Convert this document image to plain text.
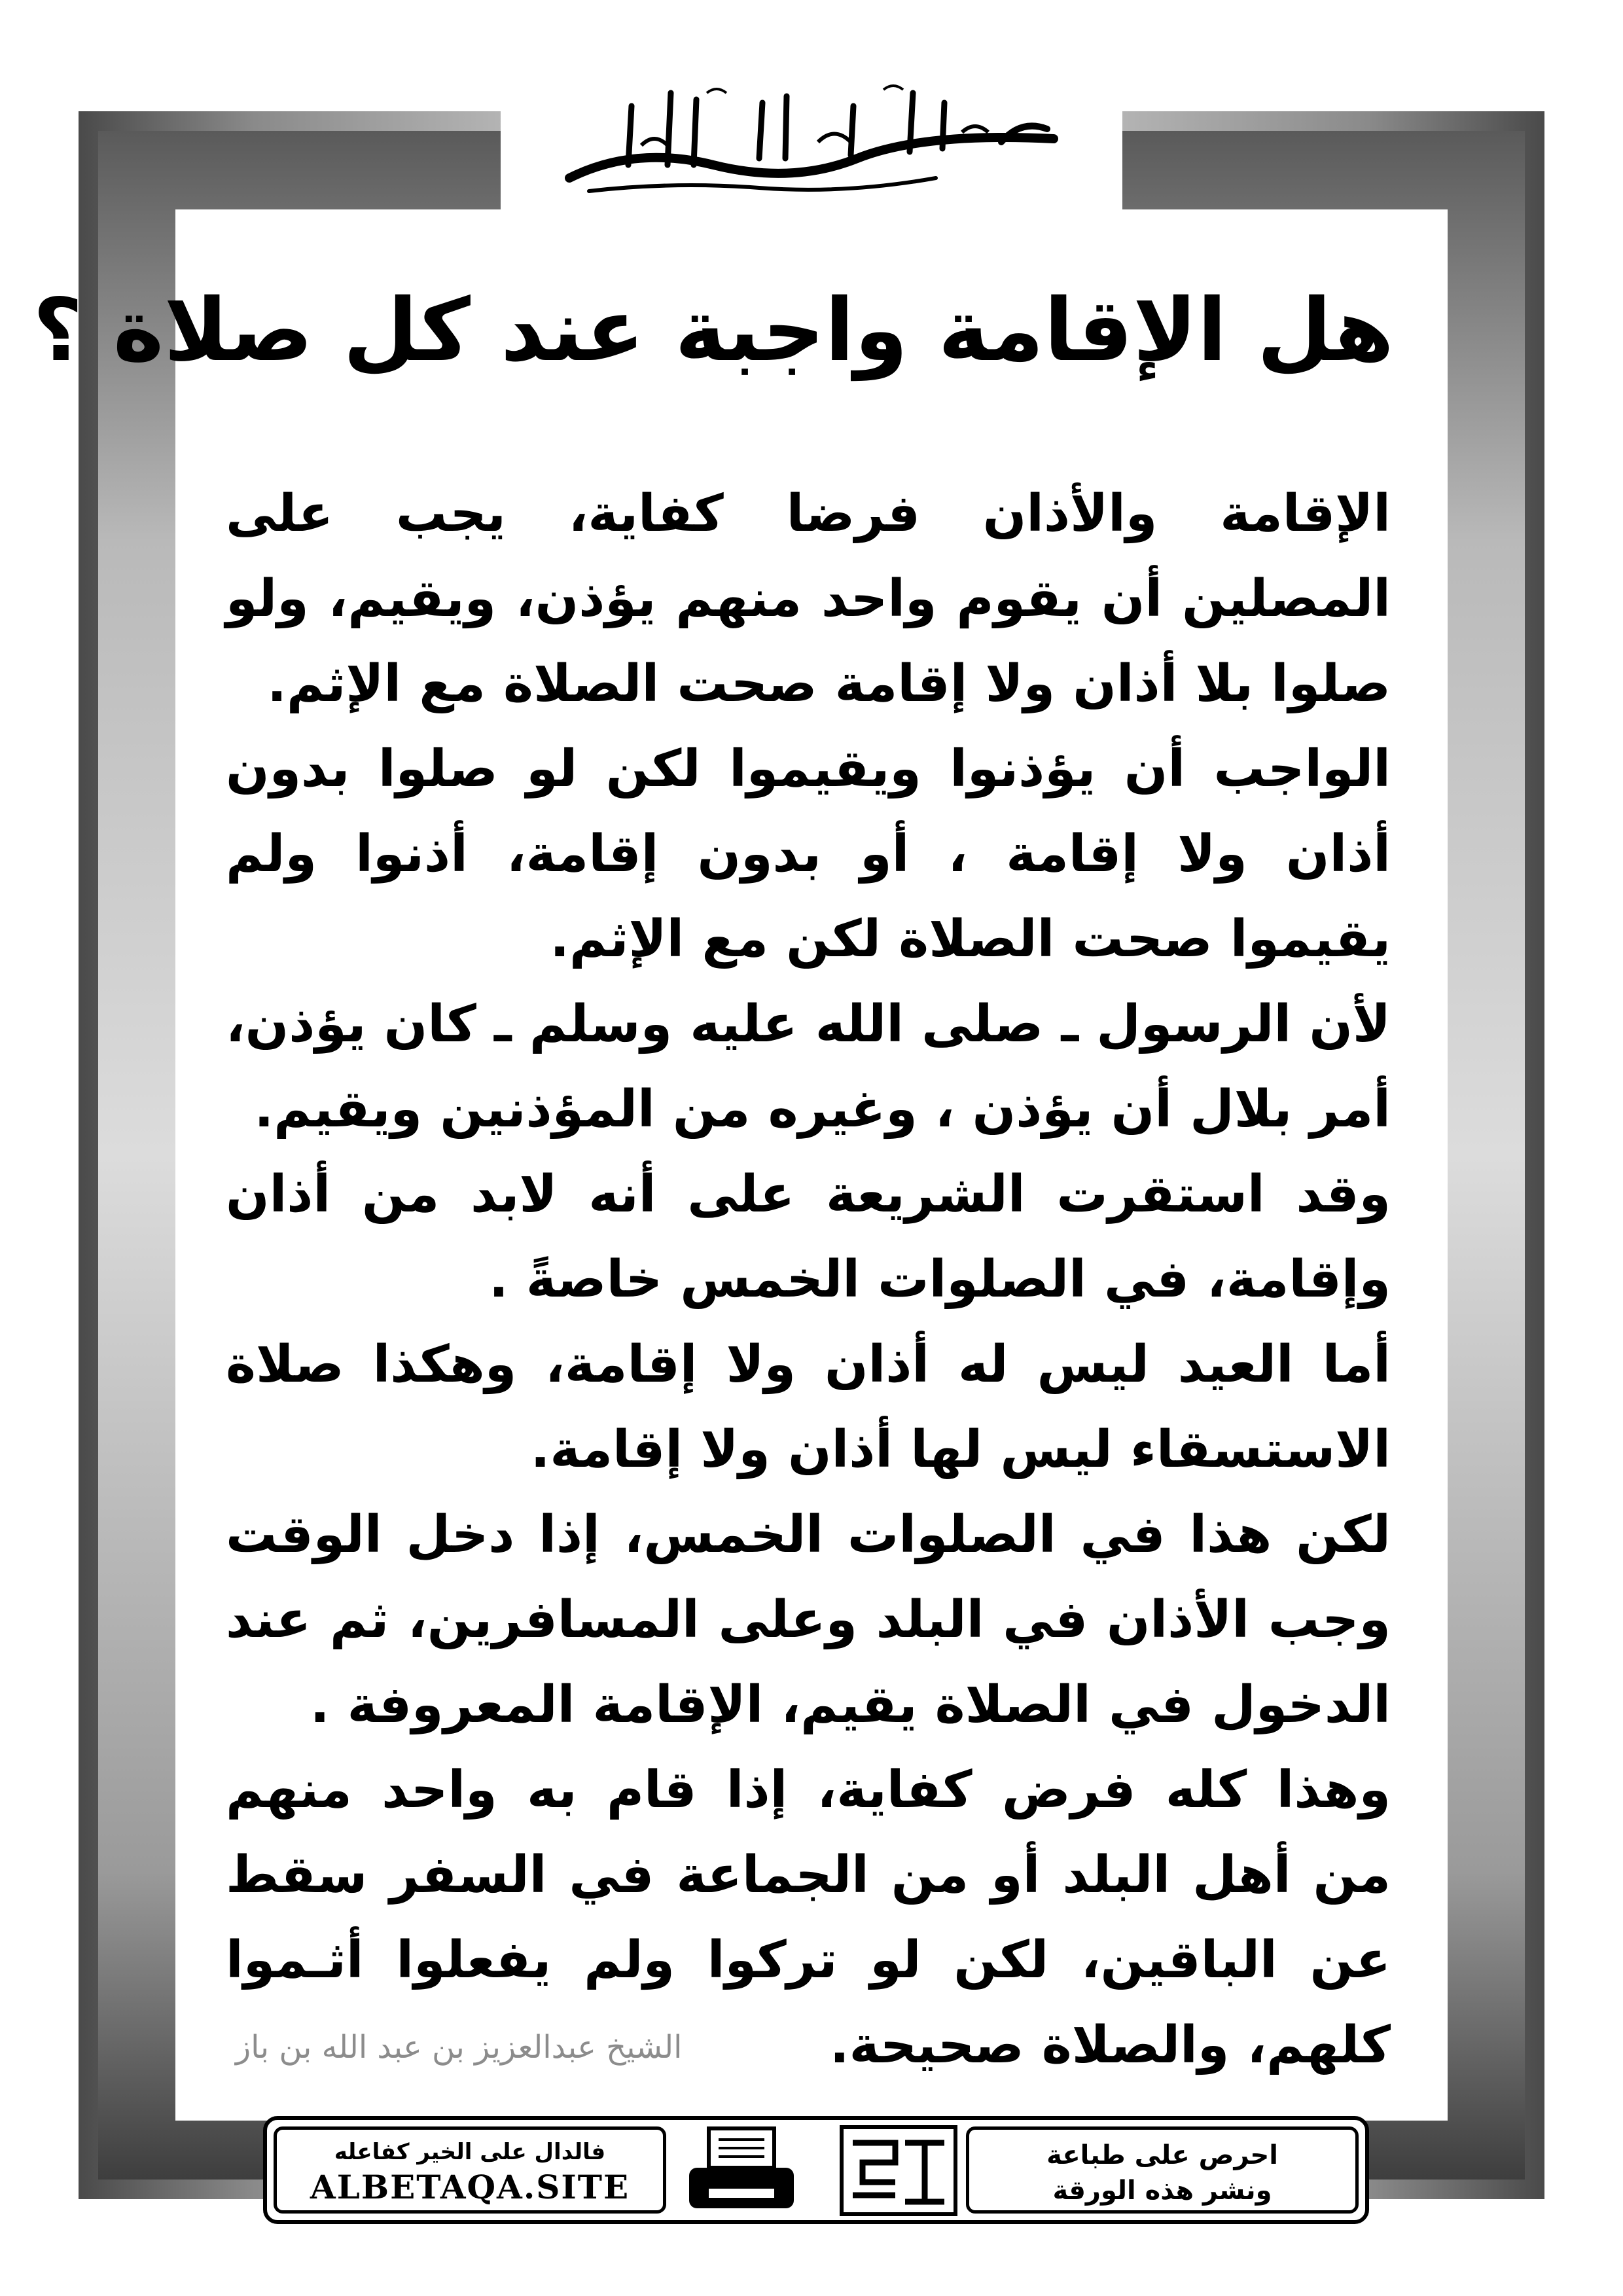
هل الإقامة واجبة عند كل صلاة ؟

الإقامة والأذان فرضا كفاية، يجب على المصلين أن يقوم واحد منهم يؤذن، ويقيم، ولو صلوا بلا أذان ولا إقامة صحت الصلاة مع الإثم.

الواجب أن يؤذنوا ويقيموا لكن لو صلوا بدون أذان ولا إقامة ، أو بدون إقامة، أذنوا ولم يقيموا صحت الصلاة لكن مع الإثم.

لأن الرسول ـ صلى الله عليه وسلم ـ كان يؤذن، أمر بلال أن يؤذن ، وغيره من المؤذنين ويقيم.

وقد استقرت الشريعة على أنه لابد من أذان وإقامة، في الصلوات الخمس خاصةً .

أما العيد ليس له أذان ولا إقامة، وهكذا صلاة الاستسقاء ليس لها أذان ولا إقامة.

لكن هذا في الصلوات الخمس، إذا دخل الوقت وجب الأذان في البلد وعلى المسافرين، ثم عند الدخول في الصلاة يقيم، الإقامة المعروفة .

وهذا كله فرض كفاية، إذا قام به واحد منهم من أهل البلد أو من الجماعة في السفر سقط عن الباقين، لكن لو تركوا ولم يفعلوا أثـموا كلهم، والصلاة صحيحة.

الشيخ عبدالعزيز بن عبد الله بن باز
فالدال على الخير كفاعله
ALBETAQA.SITE
دعوة الورقة
احرص على طباعة
ونشر هذه الورقة
